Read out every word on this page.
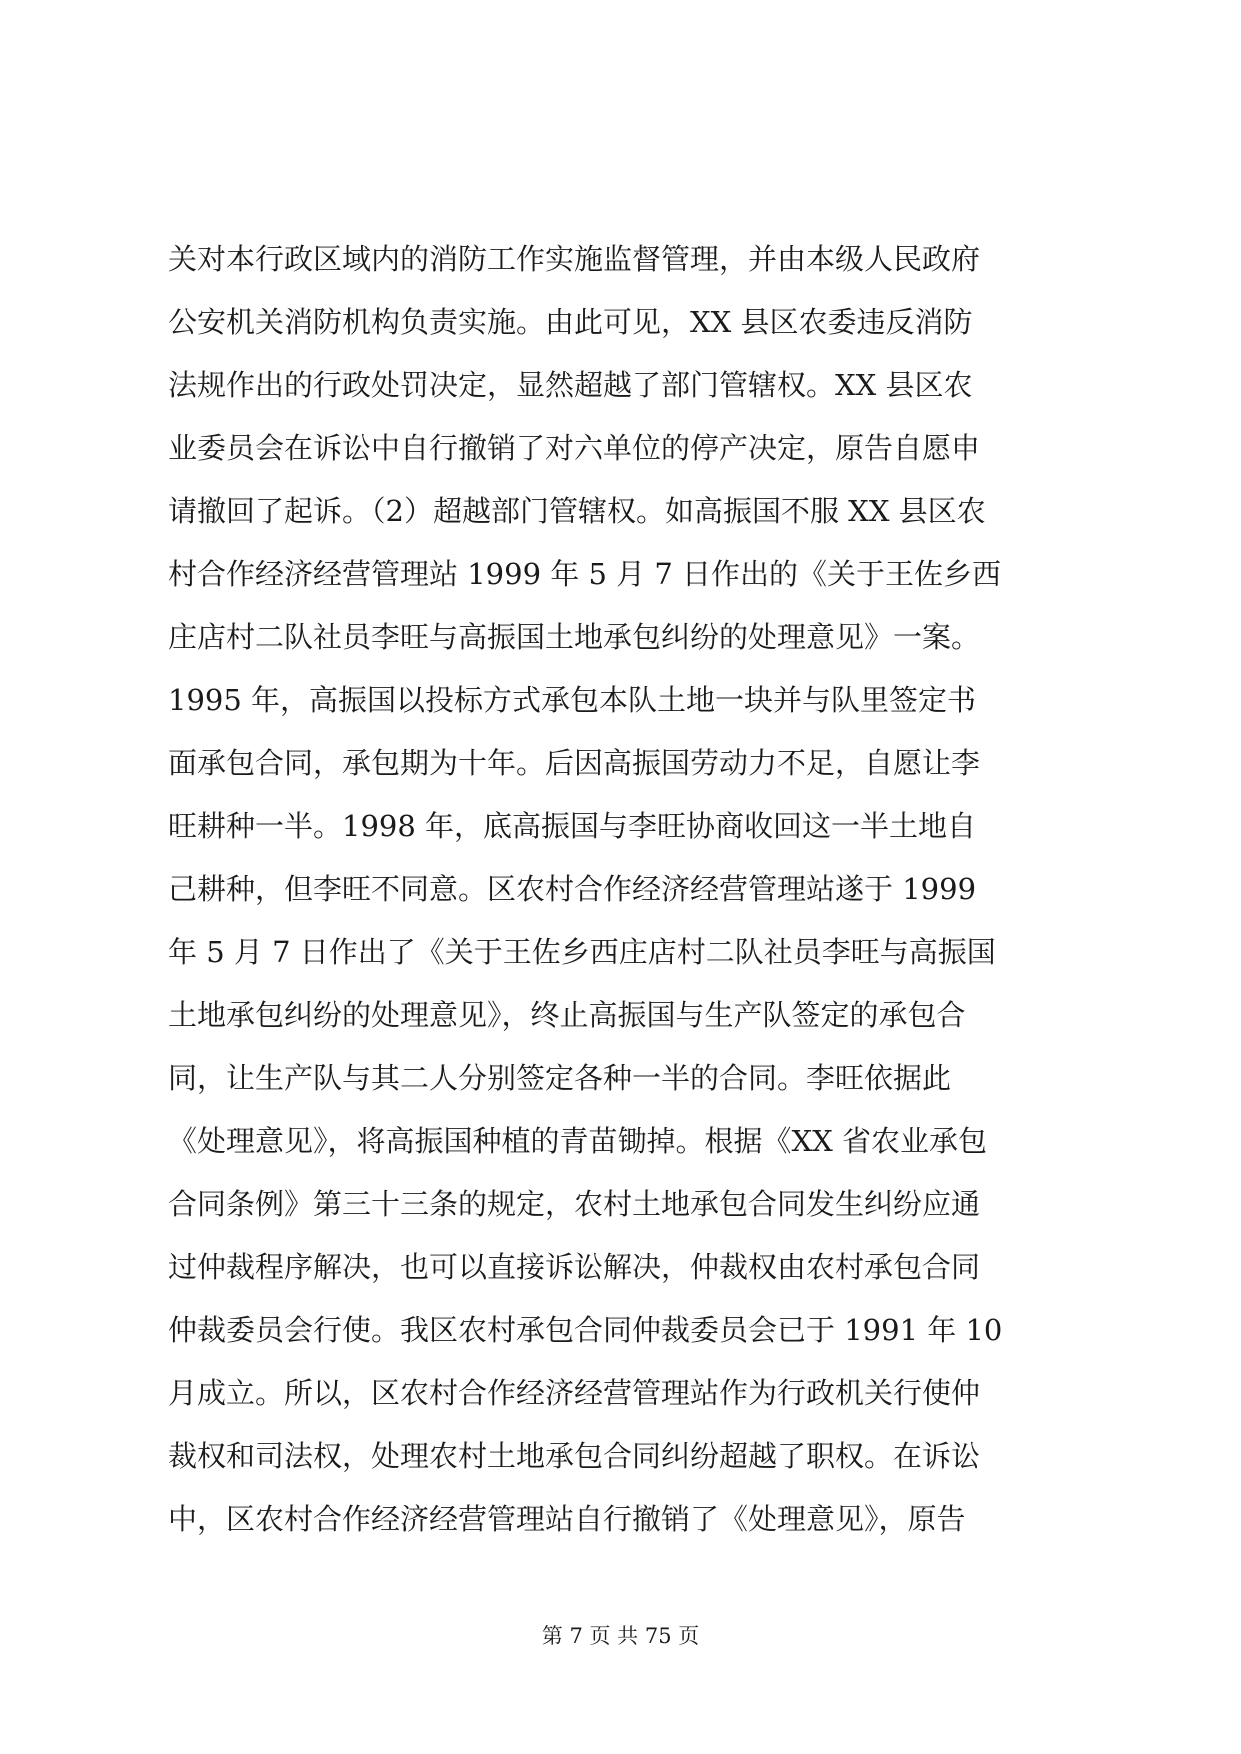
关对本行政区域内的消防工作实施监督管理，并由本级人民政府
公安机关消防机构负责实施。由此可见，XX 县区农委违反消防
法规作出的行政处罚决定，显然超越了部门管辖权。XX 县区农
业委员会在诉讼中自行撤销了对六单位的停产决定，原告自愿申
请撤回了起诉。（2）超越部门管辖权。如高振国不服 XX 县区农
村合作经济经营管理站 1999 年 5 月 7 日作出的《关于王佐乡西
庄店村二队社员李旺与高振国土地承包纠纷的处理意见》一案。
1995 年，高振国以投标方式承包本队土地一块并与队里签定书
面承包合同，承包期为十年。后因高振国劳动力不足，自愿让李
旺耕种一半。1998 年，底高振国与李旺协商收回这一半土地自
己耕种，但李旺不同意。区农村合作经济经营管理站遂于 1999
年 5 月 7 日作出了《关于王佐乡西庄店村二队社员李旺与高振国
土地承包纠纷的处理意见》，终止高振国与生产队签定的承包合
同，让生产队与其二人分别签定各种一半的合同。李旺依据此
《处理意见》，将高振国种植的青苗锄掉。根据《XX 省农业承包
合同条例》第三十三条的规定，农村土地承包合同发生纠纷应通
过仲裁程序解决，也可以直接诉讼解决，仲裁权由农村承包合同
仲裁委员会行使。我区农村承包合同仲裁委员会已于 1991 年 10
月成立。所以，区农村合作经济经营管理站作为行政机关行使仲
裁权和司法权，处理农村土地承包合同纠纷超越了职权。在诉讼
中，区农村合作经济经营管理站自行撤销了《处理意见》，原告
第 7 页 共 75 页
